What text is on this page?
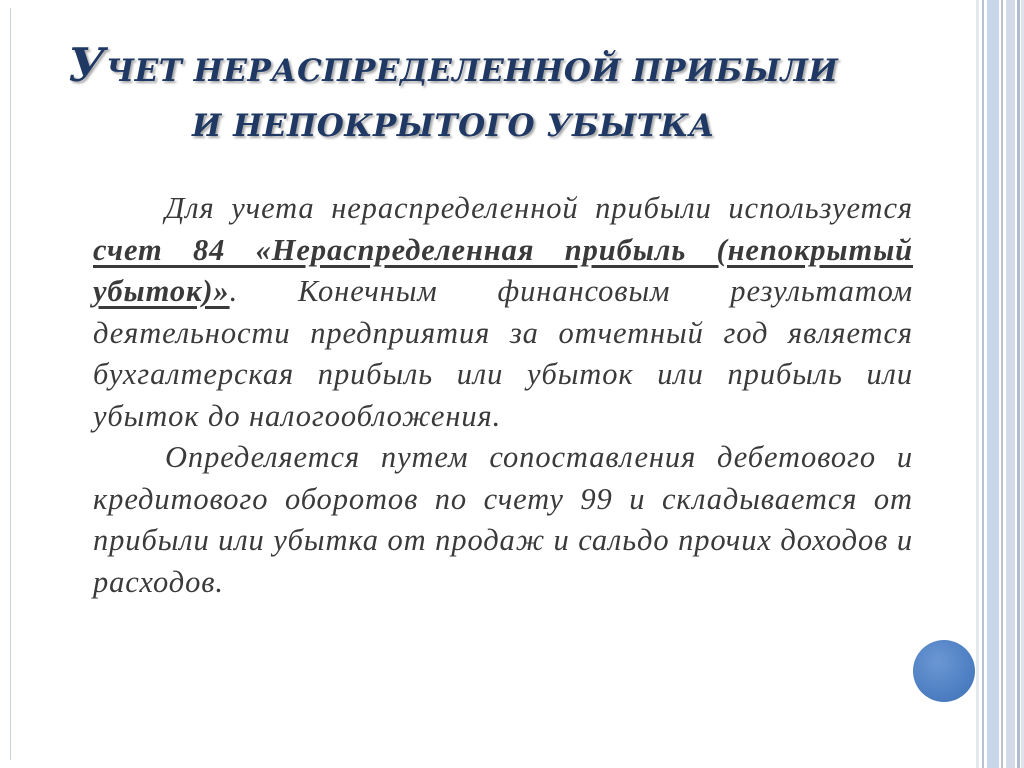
УЧЕТ НЕРАСПРЕДЕЛЕННОЙ ПРИБЫЛИ
И НЕПОКРЫТОГО УБЫТКА

Для учета нераспределенной прибыли используется счет 84 «Нераспределенная прибыль (непокрытый убыток)». Конечным финансовым результатом деятельности предприятия за отчетный год является бухгалтерская прибыль или убыток или прибыль или убыток до налогообложения.

Определяется путем сопоставления дебетового и кредитового оборотов по счету 99 и складывается от прибыли или убытка от продаж и сальдо прочих доходов и расходов.
